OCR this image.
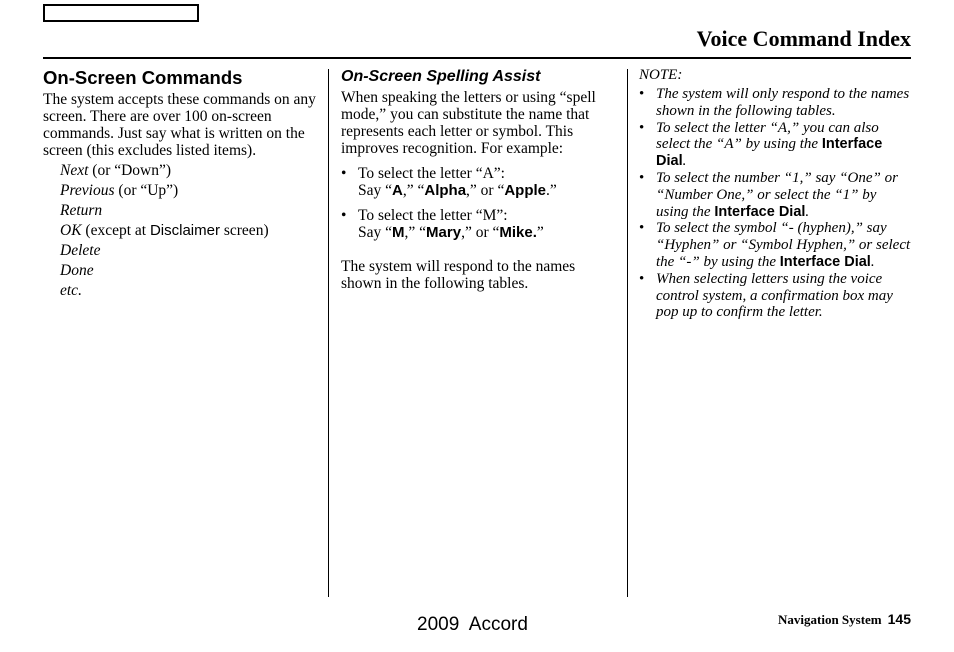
Voice Command Index
On-Screen Commands
The system accepts these commands on any screen. There are over 100 on-screen commands. Just say what is written on the screen (this excludes listed items).
Next (or “Down”)
Previous (or “Up”)
Return
OK (except at Disclaimer screen)
Delete
Done
etc.
On-Screen Spelling Assist
When speaking the letters or using “spell mode,” you can substitute the name that represents each letter or symbol. This improves recognition. For example:
• To select the letter “A”:
Say “A,” “Alpha,” or “Apple.”
• To select the letter “M”:
Say “M,” “Mary,” or “Mike.”
The system will respond to the names shown in the following tables.
NOTE:
• The system will only respond to the names shown in the following tables.
• To select the letter “A,” you can also select the “A” by using the Interface Dial.
• To select the number “1,” say “One” or “Number One,” or select the “1” by using the Interface Dial.
• To select the symbol “- (hyphen),” say “Hyphen” or “Symbol Hyphen,” or select the “-” by using the Interface Dial.
• When selecting letters using the voice control system, a confirmation box may pop up to confirm the letter.
2009  Accord	Navigation System 145
